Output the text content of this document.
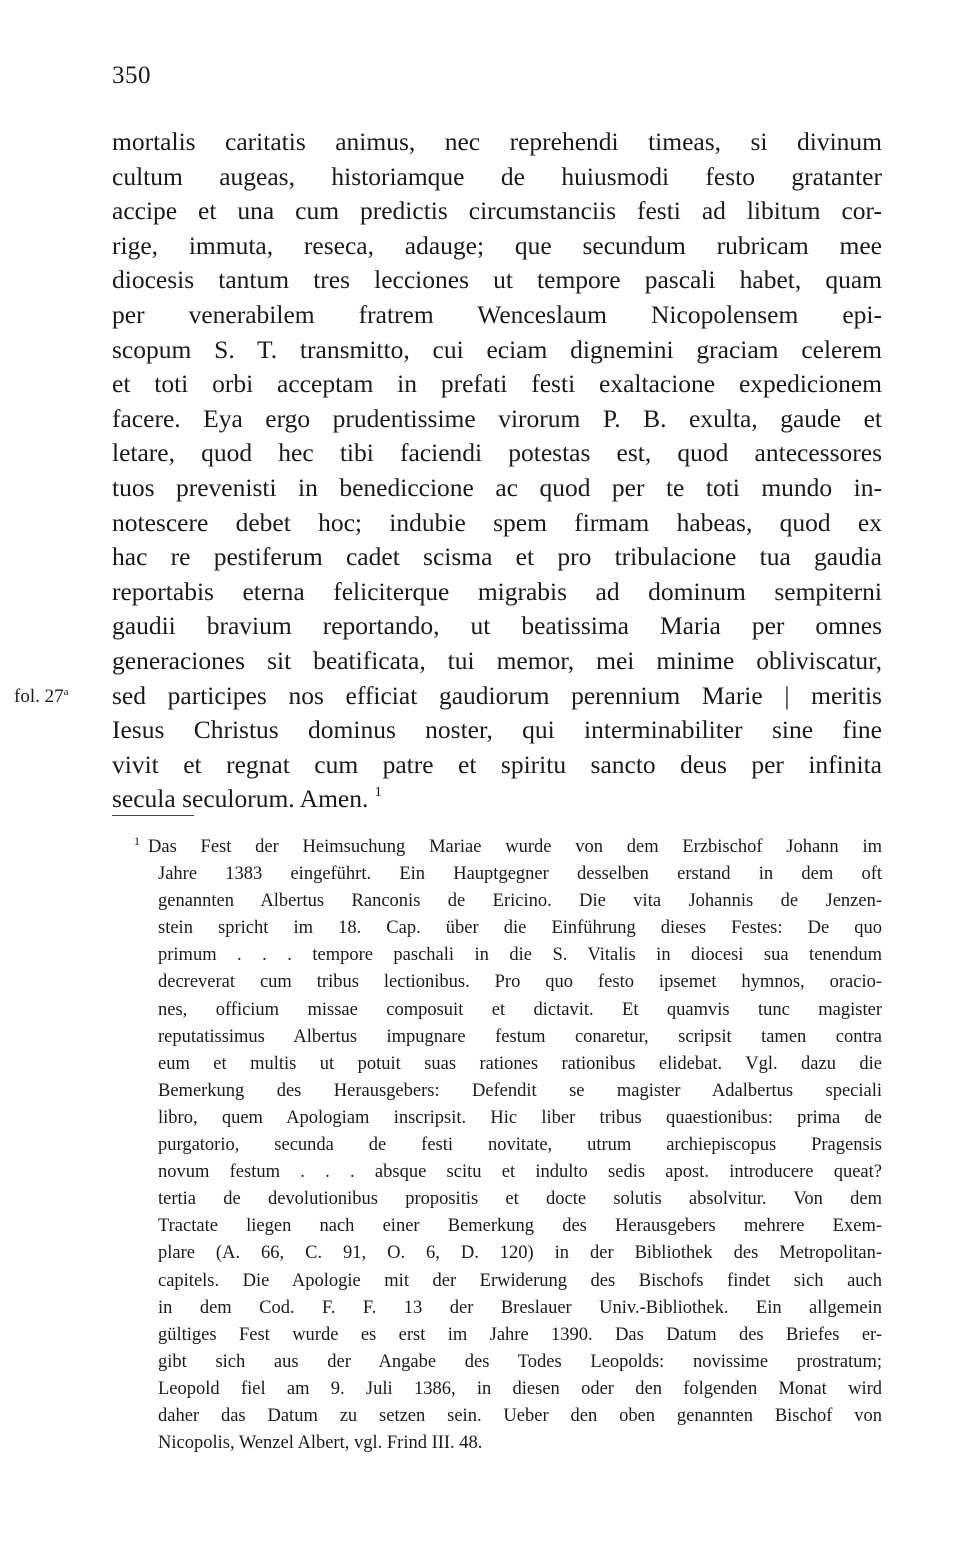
350
fol. 27$^a$
mortalis caritatis animus, nec reprehendi timeas, si divinum
cultum augeas, historiamque de huiusmodi festo gratanter
accipe et una cum predictis circumstanciis festi ad libitum cor-
rige, immuta, reseca, adauge; que secundum rubricam mee
diocesis tantum tres lecciones ut tempore pascali habet, quam
per venerabilem fratrem Wenceslaum Nicopolensem epi-
scopum S. T. transmitto, cui eciam dignemini graciam celerem
et toti orbi acceptam in prefati festi exaltacione expedicionem
facere. Eya ergo prudentissime virorum P. B. exulta, gaude et
letare, quod hec tibi faciendi potestas est, quod antecessores
tuos prevenisti in benediccione ac quod per te toti mundo in-
notescere debet hoc; indubie spem firmam habeas, quod ex
hac re pestiferum cadet scisma et pro tribulacione tua gaudia
reportabis eterna feliciterque migrabis ad dominum sempiterni
gaudii bravium reportando, ut beatissima Maria per omnes
generaciones sit beatificata, tui memor, mei minime obliviscatur,
sed participes nos efficiat gaudiorum perennium Marie | meritis
Iesus Christus dominus noster, qui interminabiliter sine fine
vivit et regnat cum patre et spiritu sancto deus per infinita
secula seculorum. Amen. $^1$
$^1$ Das Fest der Heimsuchung Mariae wurde von dem Erzbischof Johann im
Jahre 1383 eingeführt. Ein Hauptgegner desselben erstand in dem oft
genannten Albertus Ranconis de Ericino. Die vita Johannis de Jenzen-
stein spricht im 18. Cap. über die Einführung dieses Festes: De quo
primum . . . tempore paschali in die S. Vitalis in diocesi sua tenendum
decreverat cum tribus lectionibus. Pro quo festo ipsemet hymnos, oracio-
nes, officium missae composuit et dictavit. Et quamvis tunc magister
reputatissimus Albertus impugnare festum conaretur, scripsit tamen contra
eum et multis ut potuit suas rationes rationibus elidebat. Vgl. dazu die
Bemerkung des Herausgebers: Defendit se magister Adalbertus speciali
libro, quem Apologiam inscripsit. Hic liber tribus quaestionibus: prima de
purgatorio, secunda de festi novitate, utrum archiepiscopus Pragensis
novum festum . . . absque scitu et indulto sedis apost. introducere queat?
tertia de devolutionibus propositis et docte solutis absolvitur. Von dem
Tractate liegen nach einer Bemerkung des Herausgebers mehrere Exem-
plare (A. 66, C. 91, O. 6, D. 120) in der Bibliothek des Metropolitan-
capitels. Die Apologie mit der Erwiderung des Bischofs findet sich auch
in dem Cod. F. F. 13 der Breslauer Univ.-Bibliothek. Ein allgemein
gültiges Fest wurde es erst im Jahre 1390. Das Datum des Briefes er-
gibt sich aus der Angabe des Todes Leopolds: novissime prostratum;
Leopold fiel am 9. Juli 1386, in diesen oder den folgenden Monat wird
daher das Datum zu setzen sein. Ueber den oben genannten Bischof von
Nicopolis, Wenzel Albert, vgl. Frind III. 48.
